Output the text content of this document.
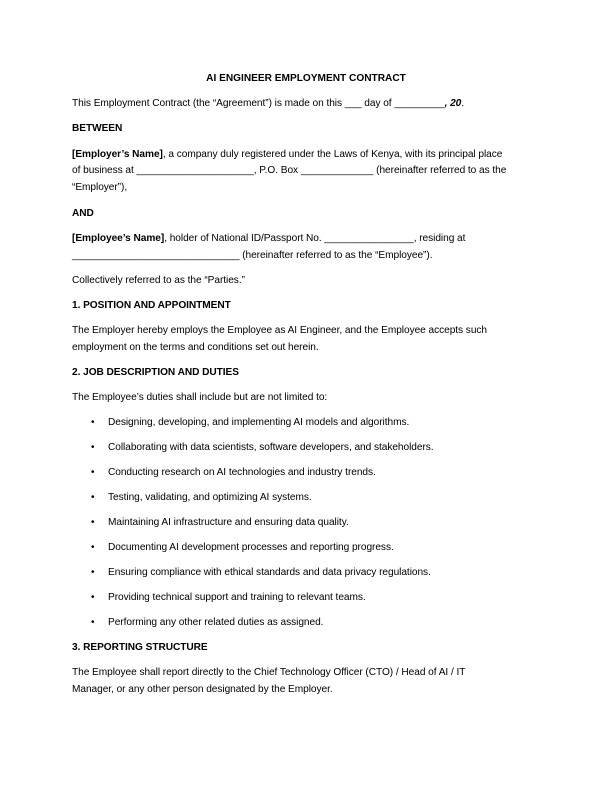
AI ENGINEER EMPLOYMENT CONTRACT
This Employment Contract (the “Agreement”) is made on this ___ day of _________, 20.
BETWEEN
[Employer’s Name], a company duly registered under the Laws of Kenya, with its principal place
of business at _____________________, P.O. Box _____________ (hereinafter referred to as the
“Employer”),
AND
[Employee’s Name], holder of National ID/Passport No. ________________, residing at
______________________________ (hereinafter referred to as the “Employee”).
Collectively referred to as the “Parties.”
1. POSITION AND APPOINTMENT
The Employer hereby employs the Employee as AI Engineer, and the Employee accepts such
employment on the terms and conditions set out herein.
2. JOB DESCRIPTION AND DUTIES
The Employee’s duties shall include but are not limited to:
• Designing, developing, and implementing AI models and algorithms.
• Collaborating with data scientists, software developers, and stakeholders.
• Conducting research on AI technologies and industry trends.
• Testing, validating, and optimizing AI systems.
• Maintaining AI infrastructure and ensuring data quality.
• Documenting AI development processes and reporting progress.
• Ensuring compliance with ethical standards and data privacy regulations.
• Providing technical support and training to relevant teams.
• Performing any other related duties as assigned.
3. REPORTING STRUCTURE
The Employee shall report directly to the Chief Technology Officer (CTO) / Head of AI / IT
Manager, or any other person designated by the Employer.
